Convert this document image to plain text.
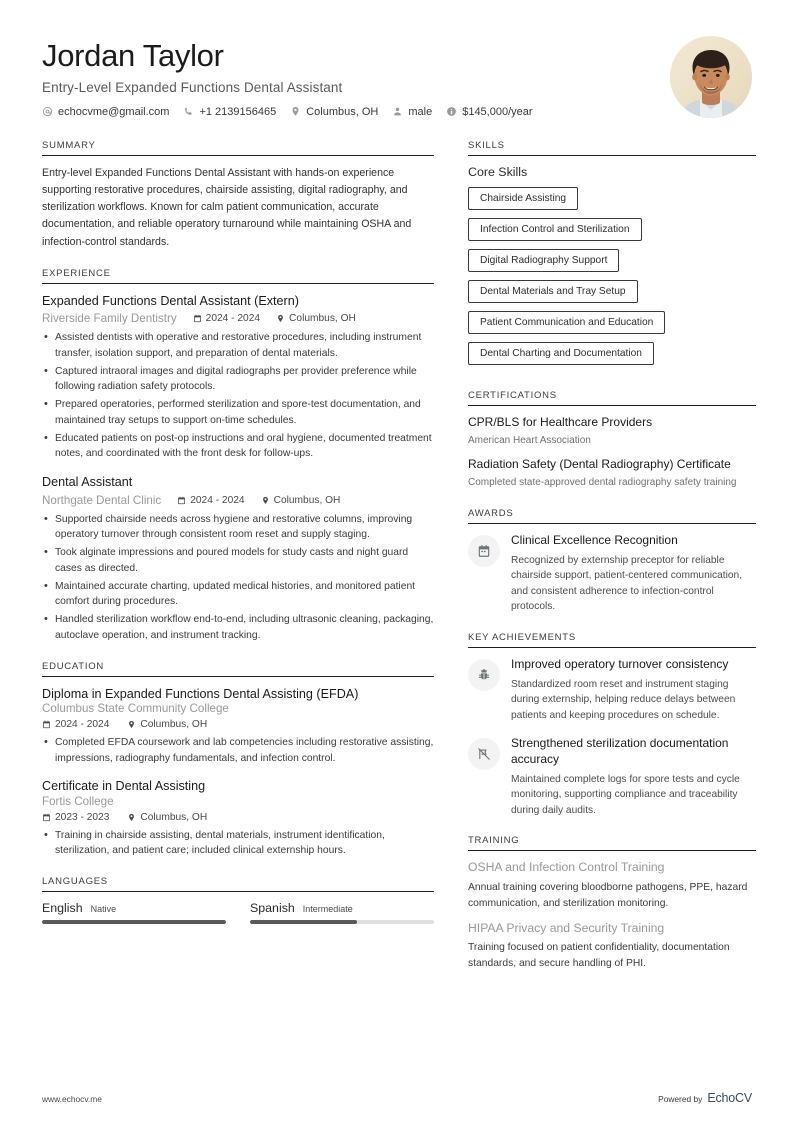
Jordan Taylor
Entry-Level Expanded Functions Dental Assistant
echocvme@gmail.com	+1 2139156465	Columbus, OH	male	$145,000/year
SUMMARY
Entry-level Expanded Functions Dental Assistant with hands-on experience supporting restorative procedures, chairside assisting, digital radiography, and sterilization workflows. Known for calm patient communication, accurate documentation, and reliable operatory turnaround while maintaining OSHA and infection-control standards.
EXPERIENCE
Expanded Functions Dental Assistant (Extern)
Riverside Family Dentistry	2024 - 2024	Columbus, OH
• Assisted dentists with operative and restorative procedures, including instrument transfer, isolation support, and preparation of dental materials.
• Captured intraoral images and digital radiographs per provider preference while following radiation safety protocols.
• Prepared operatories, performed sterilization and spore-test documentation, and maintained tray setups to support on-time schedules.
• Educated patients on post-op instructions and oral hygiene, documented treatment notes, and coordinated with the front desk for follow-ups.
Dental Assistant
Northgate Dental Clinic	2024 - 2024	Columbus, OH
• Supported chairside needs across hygiene and restorative columns, improving operatory turnover through consistent room reset and supply staging.
• Took alginate impressions and poured models for study casts and night guard cases as directed.
• Maintained accurate charting, updated medical histories, and monitored patient comfort during procedures.
• Handled sterilization workflow end-to-end, including ultrasonic cleaning, packaging, autoclave operation, and instrument tracking.
EDUCATION
Diploma in Expanded Functions Dental Assisting (EFDA)
Columbus State Community College
2024 - 2024	Columbus, OH
• Completed EFDA coursework and lab competencies including restorative assisting, impressions, radiography fundamentals, and infection control.
Certificate in Dental Assisting
Fortis College
2023 - 2023	Columbus, OH
• Training in chairside assisting, dental materials, instrument identification, sterilization, and patient care; included clinical externship hours.
LANGUAGES
English Native	Spanish Intermediate
SKILLS
Core Skills
Chairside Assisting
Infection Control and Sterilization
Digital Radiography Support
Dental Materials and Tray Setup
Patient Communication and Education
Dental Charting and Documentation
CERTIFICATIONS
CPR/BLS for Healthcare Providers
American Heart Association
Radiation Safety (Dental Radiography) Certificate
Completed state-approved dental radiography safety training
AWARDS
Clinical Excellence Recognition
Recognized by externship preceptor for reliable chairside support, patient-centered communication, and consistent adherence to infection-control protocols.
KEY ACHIEVEMENTS
Improved operatory turnover consistency
Standardized room reset and instrument staging during externship, helping reduce delays between patients and keeping procedures on schedule.
Strengthened sterilization documentation accuracy
Maintained complete logs for spore tests and cycle monitoring, supporting compliance and traceability during daily audits.
TRAINING
OSHA and Infection Control Training
Annual training covering bloodborne pathogens, PPE, hazard communication, and sterilization monitoring.
HIPAA Privacy and Security Training
Training focused on patient confidentiality, documentation standards, and secure handling of PHI.
www.echocv.me	Powered by EchoCV
